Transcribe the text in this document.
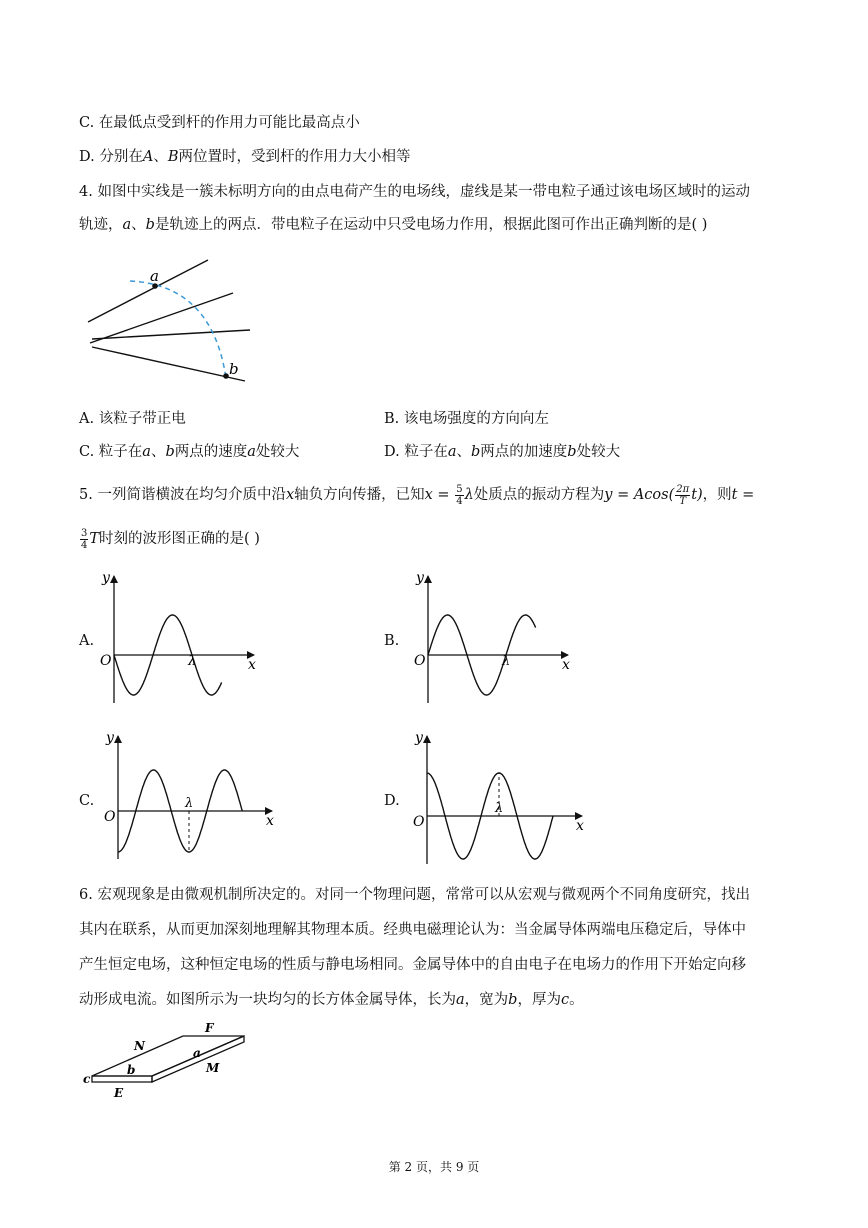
C. 在最低点受到杆的作用力可能比最高点小
D. 分别在A、B两位置时，受到杆的作用力大小相等
4. 如图中实线是一簇未标明方向的由点电荷产生的电场线，虚线是某一带电粒子通过该电场区域时的运动
轨迹，a、b是轨迹上的两点．带电粒子在运动中只受电场力作用，根据此图可作出正确判断的是( )
a
b
A. 该粒子带正电	B. 该电场强度的方向向左
C. 粒子在a、b两点的速度a处较大	D. 粒子在a、b两点的加速度b处较大
5. 一列简谐横波在均匀介质中沿x轴负方向传播，已知$x = \frac{5}{4}$ λ处质点的振动方程为$y = Acos( \frac{2\pi}{T} t)$，则t =
$\frac{3}{4}$ T时刻的波形图正确的是( )
A.	B.
C.	D.
y
x
O	λ
y
x
O	λ
y
x
O
λ
y
x
O
λ
6. 宏观现象是由微观机制所决定的。对同一个物理问题，常常可以从宏观与微观两个不同角度研究，找出
其内在联系，从而更加深刻地理解其物理本质。经典电磁理论认为：当金属导体两端电压稳定后，导体中
产生恒定电场，这种恒定电场的性质与静电场相同。金属导体中的自由电子在电场力的作用下开始定向移
动形成电流。如图所示为一块均匀的长方体金属导体，长为a，宽为b，厚为c。
F
N	a
M
b
c
E
第 2 页，共 9 页
